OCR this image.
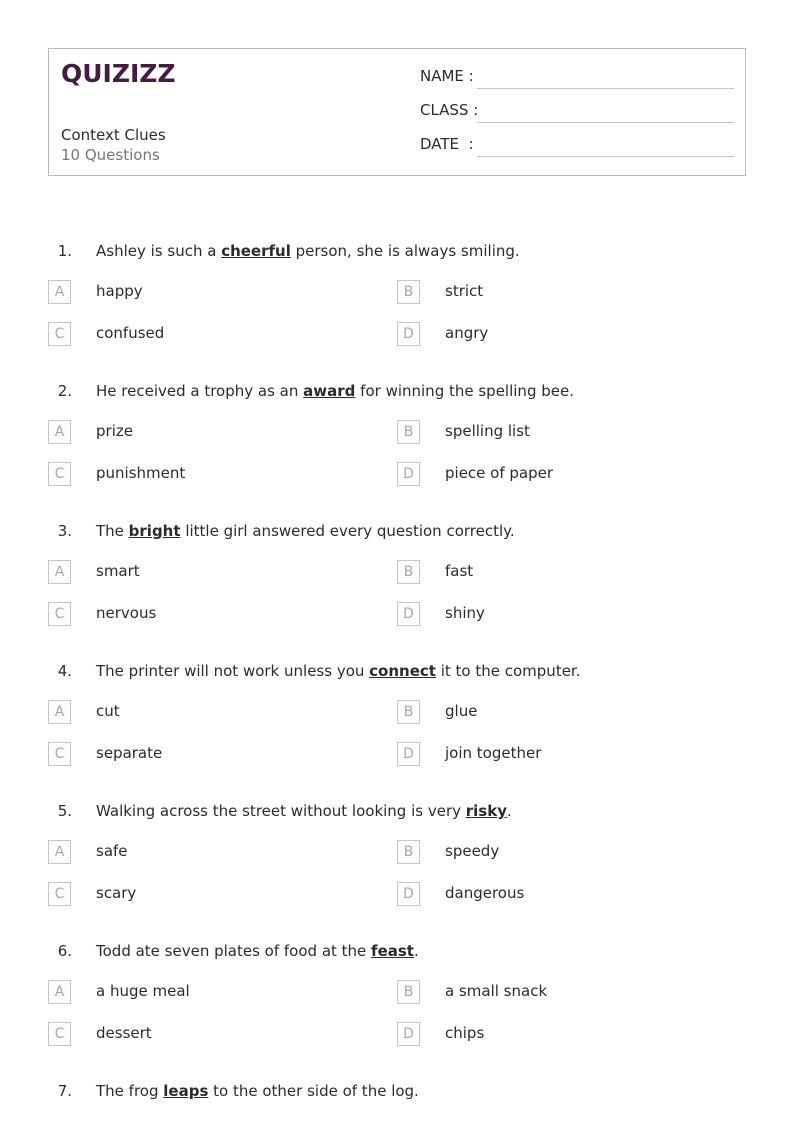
QUIZIZZ
Context Clues
10 Questions
NAME :
CLASS :
DATE  :
1. Ashley is such a cheerful person, she is always smiling.
A	happy	B	strict
C	confused	D	angry
2. He received a trophy as an award for winning the spelling bee.
A	prize	B	spelling list
C	punishment	D	piece of paper
3. The bright little girl answered every question correctly.
A	smart	B	fast
C	nervous	D	shiny
4. The printer will not work unless you connect it to the computer.
A	cut	B	glue
C	separate	D	join together
5. Walking across the street without looking is very risky.
A	safe	B	speedy
C	scary	D	dangerous
6. Todd ate seven plates of food at the feast.
A	a huge meal	B	a small snack
C	dessert	D	chips
7. The frog leaps to the other side of the log.
